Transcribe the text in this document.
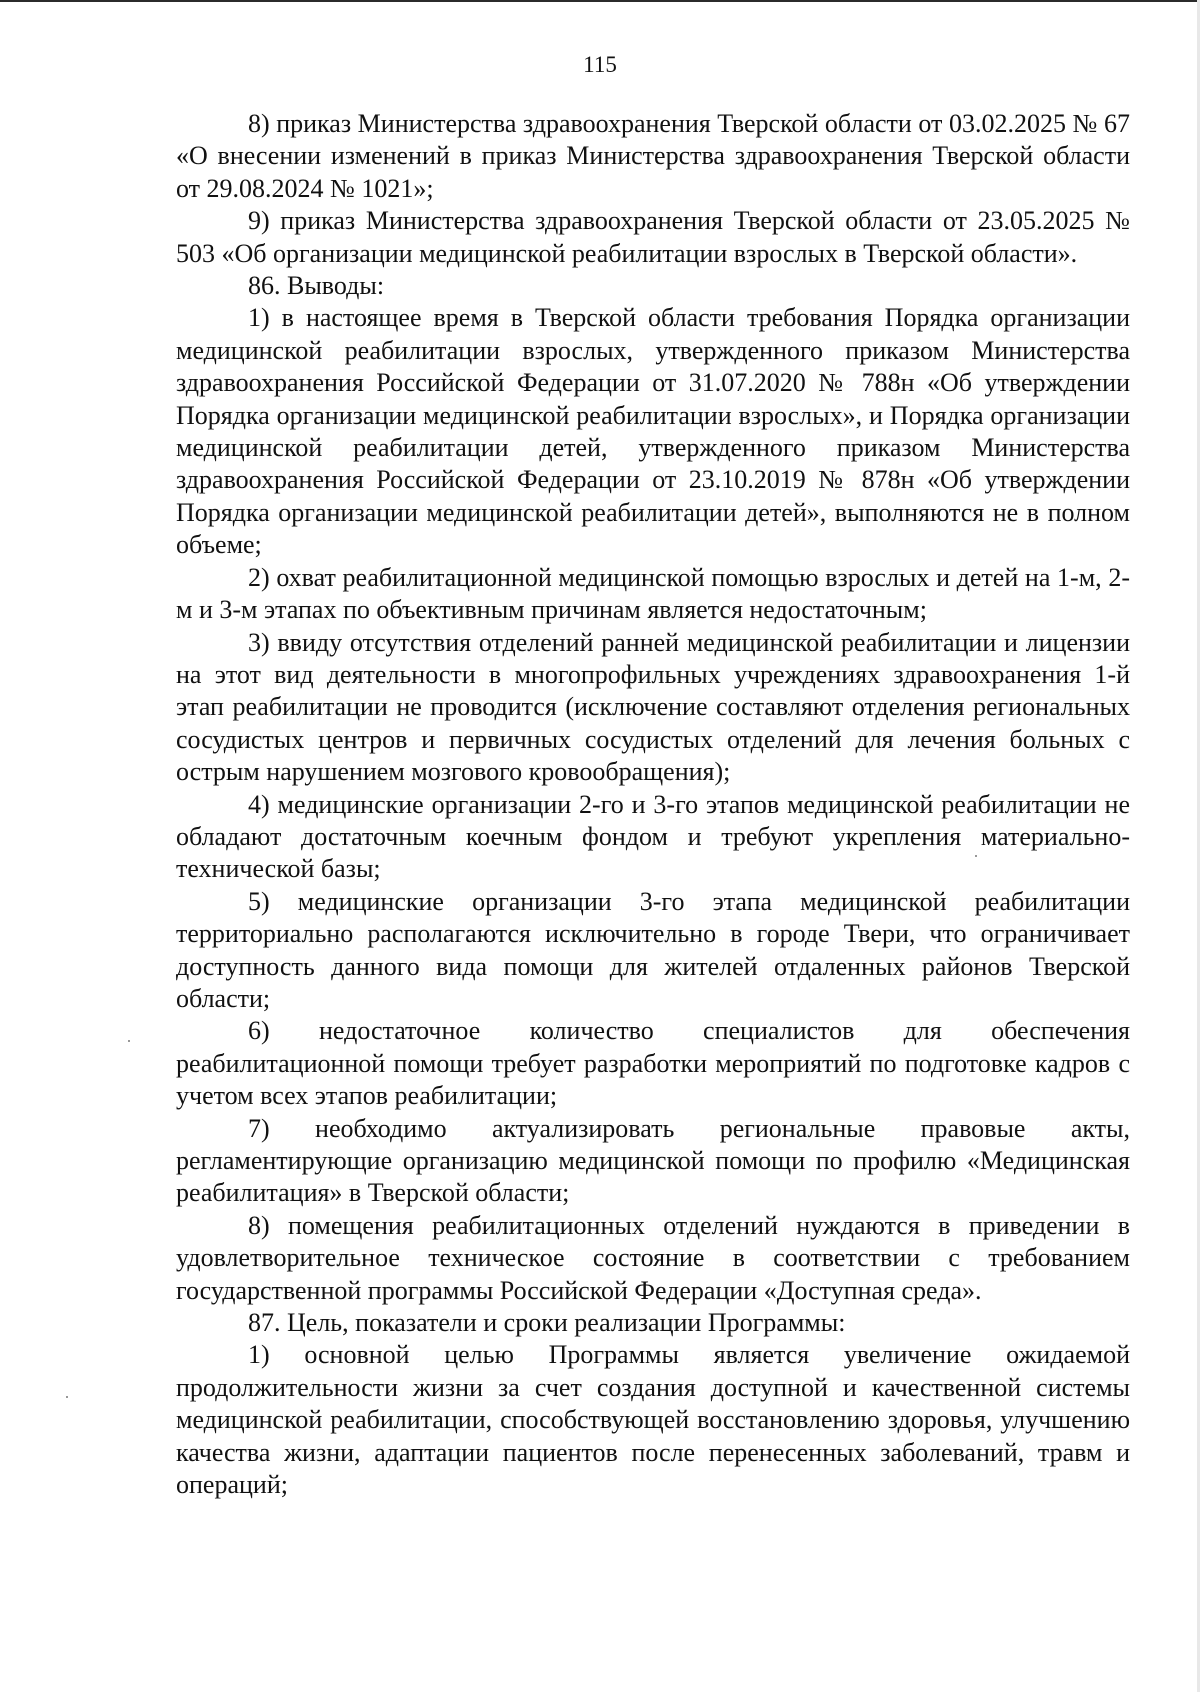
115

8) приказ Министерства здравоохранения Тверской области от 03.02.2025 № 67 «О внесении изменений в приказ Министерства здравоохранения Тверской области от 29.08.2024 № 1021»;

9) приказ Министерства здравоохранения Тверской области от 23.05.2025 № 503 «Об организации медицинской реабилитации взрослых в Тверской области».

86. Выводы:

1) в настоящее время в Тверской области требования Порядка организации медицинской реабилитации взрослых, утвержденного приказом Министерства здравоохранения Российской Федерации от 31.07.2020 № 788н «Об утверждении Порядка организации медицинской реабилитации взрослых», и Порядка организации медицинской реабилитации детей, утвержденного приказом Министерства здравоохранения Российской Федерации от 23.10.2019 № 878н «Об утверждении Порядка организации медицинской реабилитации детей», выполняются не в полном объеме;

2) охват реабилитационной медицинской помощью взрослых и детей на 1-м, 2-м и 3-м этапах по объективным причинам является недостаточным;

3) ввиду отсутствия отделений ранней медицинской реабилитации и лицензии на этот вид деятельности в многопрофильных учреждениях здравоохранения 1-й этап реабилитации не проводится (исключение составляют отделения региональных сосудистых центров и первичных сосудистых отделений для лечения больных с острым нарушением мозгового кровообращения);

4) медицинские организации 2-го и 3-го этапов медицинской реабилитации не обладают достаточным коечным фондом и требуют укрепления материально-технической базы;

5) медицинские организации 3-го этапа медицинской реабилитации территориально располагаются исключительно в городе Твери, что ограничивает доступность данного вида помощи для жителей отдаленных районов Тверской области;

6) недостаточное количество специалистов для обеспечения реабилитационной помощи требует разработки мероприятий по подготовке кадров с учетом всех этапов реабилитации;

7) необходимо актуализировать региональные правовые акты, регламентирующие организацию медицинской помощи по профилю «Медицинская реабилитация» в Тверской области;

8) помещения реабилитационных отделений нуждаются в приведении в удовлетворительное техническое состояние в соответствии с требованием государственной программы Российской Федерации «Доступная среда».

87. Цель, показатели и сроки реализации Программы:

1) основной целью Программы является увеличение ожидаемой продолжительности жизни за счет создания доступной и качественной системы медицинской реабилитации, способствующей восстановлению здоровья, улучшению качества жизни, адаптации пациентов после перенесенных заболеваний, травм и операций;
